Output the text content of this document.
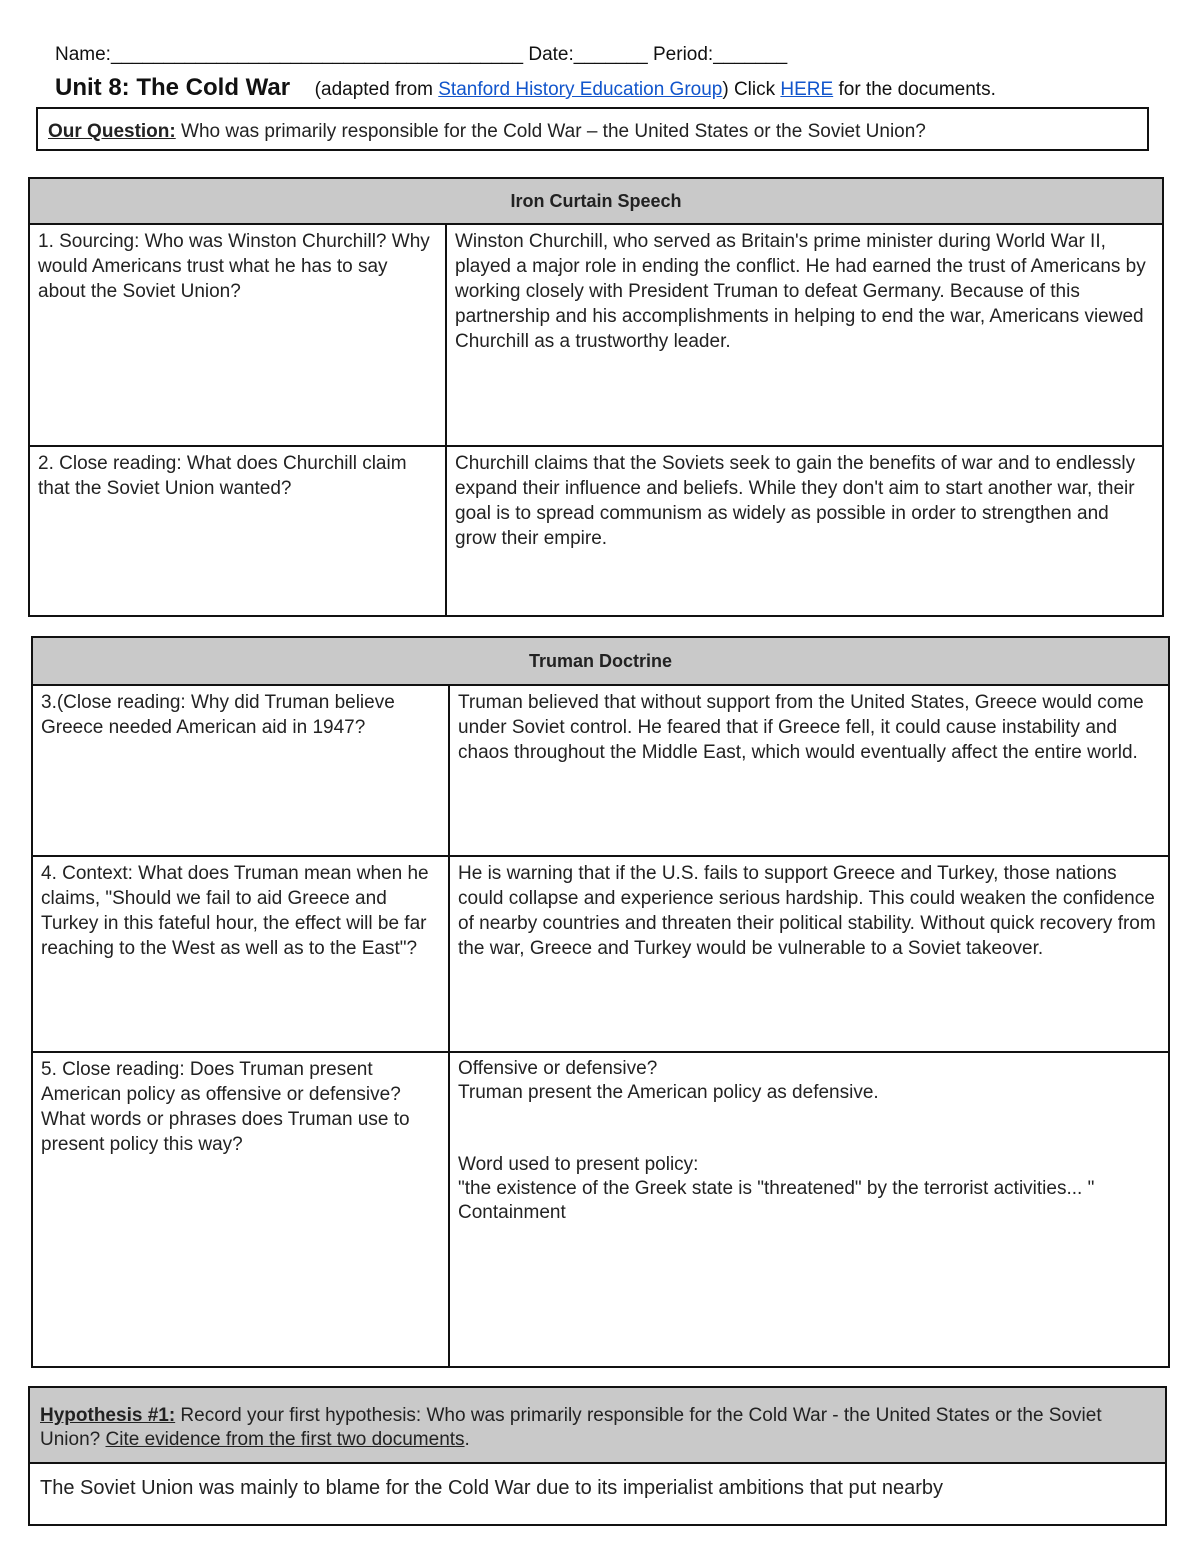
Name:_______________________________________ Date:_______ Period:_______
Unit 8: The Cold War (adapted from Stanford History Education Group) Click HERE for the documents.
Our Question: Who was primarily responsible for the Cold War – the United States or the Soviet Union?
Iron Curtain Speech	
1. Sourcing: Who was Winston Churchill? Why would Americans trust what he has to say about the Soviet Union?	Winston Churchill, who served as Britain's prime minister during World War II, played a major role in ending the conflict. He had earned the trust of Americans by working closely with President Truman to defeat Germany. Because of this partnership and his accomplishments in helping to end the war, Americans viewed Churchill as a trustworthy leader.
2. Close reading: What does Churchill claim that the Soviet Union wanted?	Churchill claims that the Soviets seek to gain the benefits of war and to endlessly expand their influence and beliefs. While they don't aim to start another war, their goal is to spread communism as widely as possible in order to strengthen and grow their empire.
Truman Doctrine	
3.(Close reading: Why did Truman believe Greece needed American aid in 1947?	Truman believed that without support from the United States, Greece would come under Soviet control. He feared that if Greece fell, it could cause instability and chaos throughout the Middle East, which would eventually affect the entire world.
4. Context: What does Truman mean when he claims, "Should we fail to aid Greece and Turkey in this fateful hour, the effect will be far reaching to the West as well as to the East"?	He is warning that if the U.S. fails to support Greece and Turkey, those nations could collapse and experience serious hardship. This could weaken the confidence of nearby countries and threaten their political stability. Without quick recovery from the war, Greece and Turkey would be vulnerable to a Soviet takeover.
5. Close reading: Does Truman present American policy as offensive or defensive? What words or phrases does Truman use to present policy this way?	Offensive or defensive?
Truman present the American policy as defensive.

Word used to present policy:
"the existence of the Greek state is "threatened" by the terrorist activities... "
Containment
Hypothesis #1: Record your first hypothesis: Who was primarily responsible for the Cold War - the United States or the Soviet Union? Cite evidence from the first two documents.
The Soviet Union was mainly to blame for the Cold War due to its imperialist ambitions that put nearby
